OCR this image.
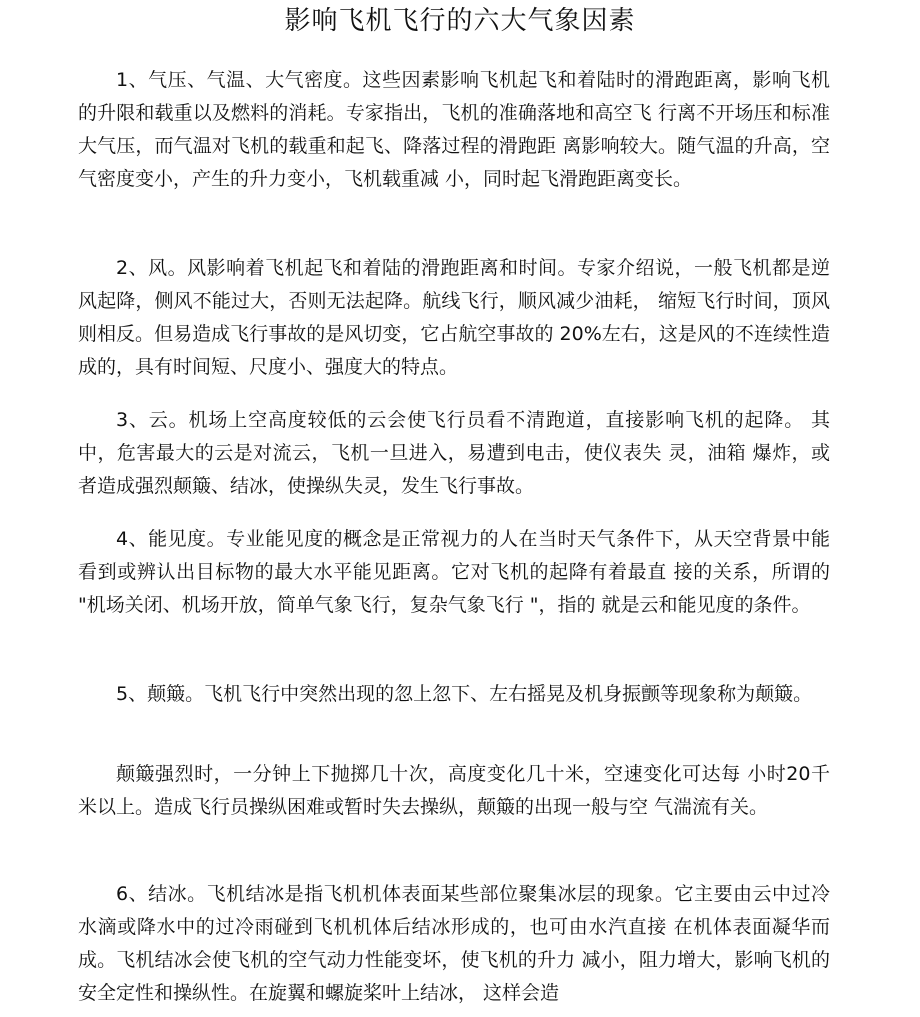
影响飞机飞行的六大气象因素

1、气压、气温、大气密度。这些因素影响飞机起飞和着陆时的滑跑距离，影响飞机的升限和载重以及燃料的消耗。专家指出，飞机的准确落地和高空飞 行离不开场压和标准大气压，而气温对飞机的载重和起飞、降落过程的滑跑距 离影响较大。随气温的升高，空气密度变小，产生的升力变小，飞机载重减 小，同时起飞滑跑距离变长。

2、风。风影响着飞机起飞和着陆的滑跑距离和时间。专家介绍说，一般飞机都是逆风起降，侧风不能过大，否则无法起降。航线飞行，顺风减少油耗， 缩短飞行时间，顶风则相反。但易造成飞行事故的是风切变，它占航空事故的 20%左右，这是风的不连续性造成的，具有时间短、尺度小、强度大的特点。

3、云。机场上空高度较低的云会使飞行员看不清跑道，直接影响飞机的起降。 其中，危害最大的云是对流云，飞机一旦进入，易遭到电击，使仪表失 灵，油箱 爆炸，或者造成强烈颠簸、结冰，使操纵失灵，发生飞行事故。

4、能见度。专业能见度的概念是正常视力的人在当时天气条件下，从天空背景中能看到或辨认出目标物的最大水平能见距离。它对飞机的起降有着最直 接的关系，所谓的 "机场关闭、机场开放，简单气象飞行，复杂气象飞行 "，指的 就是云和能见度的条件。

5、颠簸。飞机飞行中突然出现的忽上忽下、左右摇晃及机身振颤等现象称为颠簸。

颠簸强烈时，一分钟上下抛掷几十次，高度变化几十米，空速变化可达每 小时20千米以上。造成飞行员操纵困难或暂时失去操纵，颠簸的出现一般与空 气湍流有关。

6、结冰。飞机结冰是指飞机机体表面某些部位聚集冰层的现象。它主要由云中过冷水滴或降水中的过冷雨碰到飞机机体后结冰形成的，也可由水汽直接 在机体表面凝华而成。飞机结冰会使飞机的空气动力性能变坏，使飞机的升力 减小，阻力增大，影响飞机的安全定性和操纵性。在旋翼和螺旋桨叶上结冰， 这样会造
